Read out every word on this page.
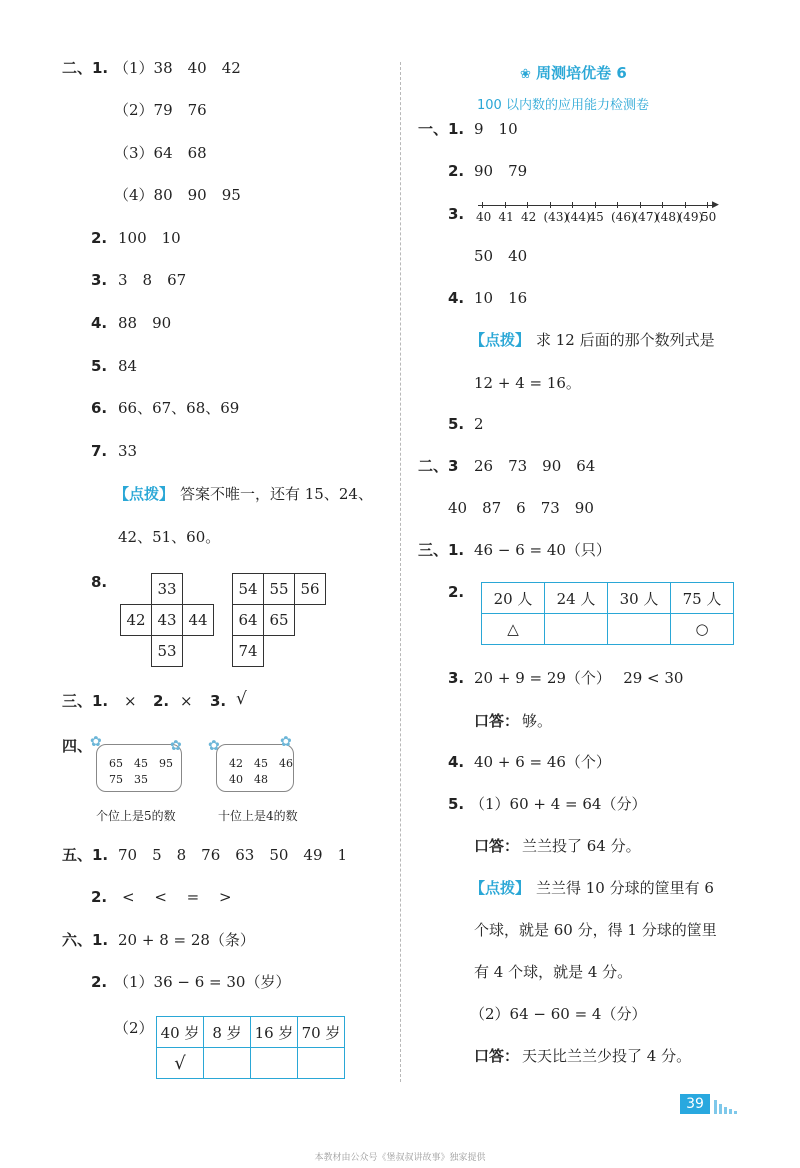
二、1. （1）38　40　42
（2）79　76
（3）64　68
（4）80　90　95
2. 100　10
3. 3　8　67
4. 88　90
5. 84
6. 66、67、68、69
7. 33
【点拨】 答案不唯一，还有 15、24、
42、51、60。
8.	33
42	43	44
53
54	55	56
64	65
74
三、1. × 2. × 3. √
四、
65　45　95
75　35
✿	✿
42　45　46
40　48
✿	✿
个位上是5的数	十位上是4的数
五、1. 70　5　8　76　63　50　49　1
2. <　 <　 =　 >
六、1. 20 + 8 = 28（条）
2. （1）36 − 6 = 30（岁）
（2） 40 岁	8 岁	16 岁	70 岁
√			
❀ 周测培优卷 6
100 以内数的应用能力检测卷
一、1. 9　10
2. 90　79
3.	▶
40 41 42 (43)
(44)
45 (46)
(47)
(48)
(49)
50
50　40
4. 10　16
【点拨】 求 12 后面的那个数列式是
12 + 4 = 16。
5. 2
二、3 26　73　90　64
40　87　6　73　90
三、1. 46 − 6 = 40（只）
2. 20 人	24 人	30 人	75 人
△			○
3. 20 + 9 = 29（个）　 29 < 30
口答： 够。
4. 40 + 6 = 46（个）
5. （1）60 + 4 = 64（分）
口答： 兰兰投了 64 分。
【点拨】 兰兰得 10 分球的筐里有 6
个球，就是 60 分，得 1 分球的筐里
有 4 个球，就是 4 分。
（2）64 − 60 = 4（分）
口答： 天天比兰兰少投了 4 分。
39
本教材由公众号《堡叔叔讲故事》独家提供
